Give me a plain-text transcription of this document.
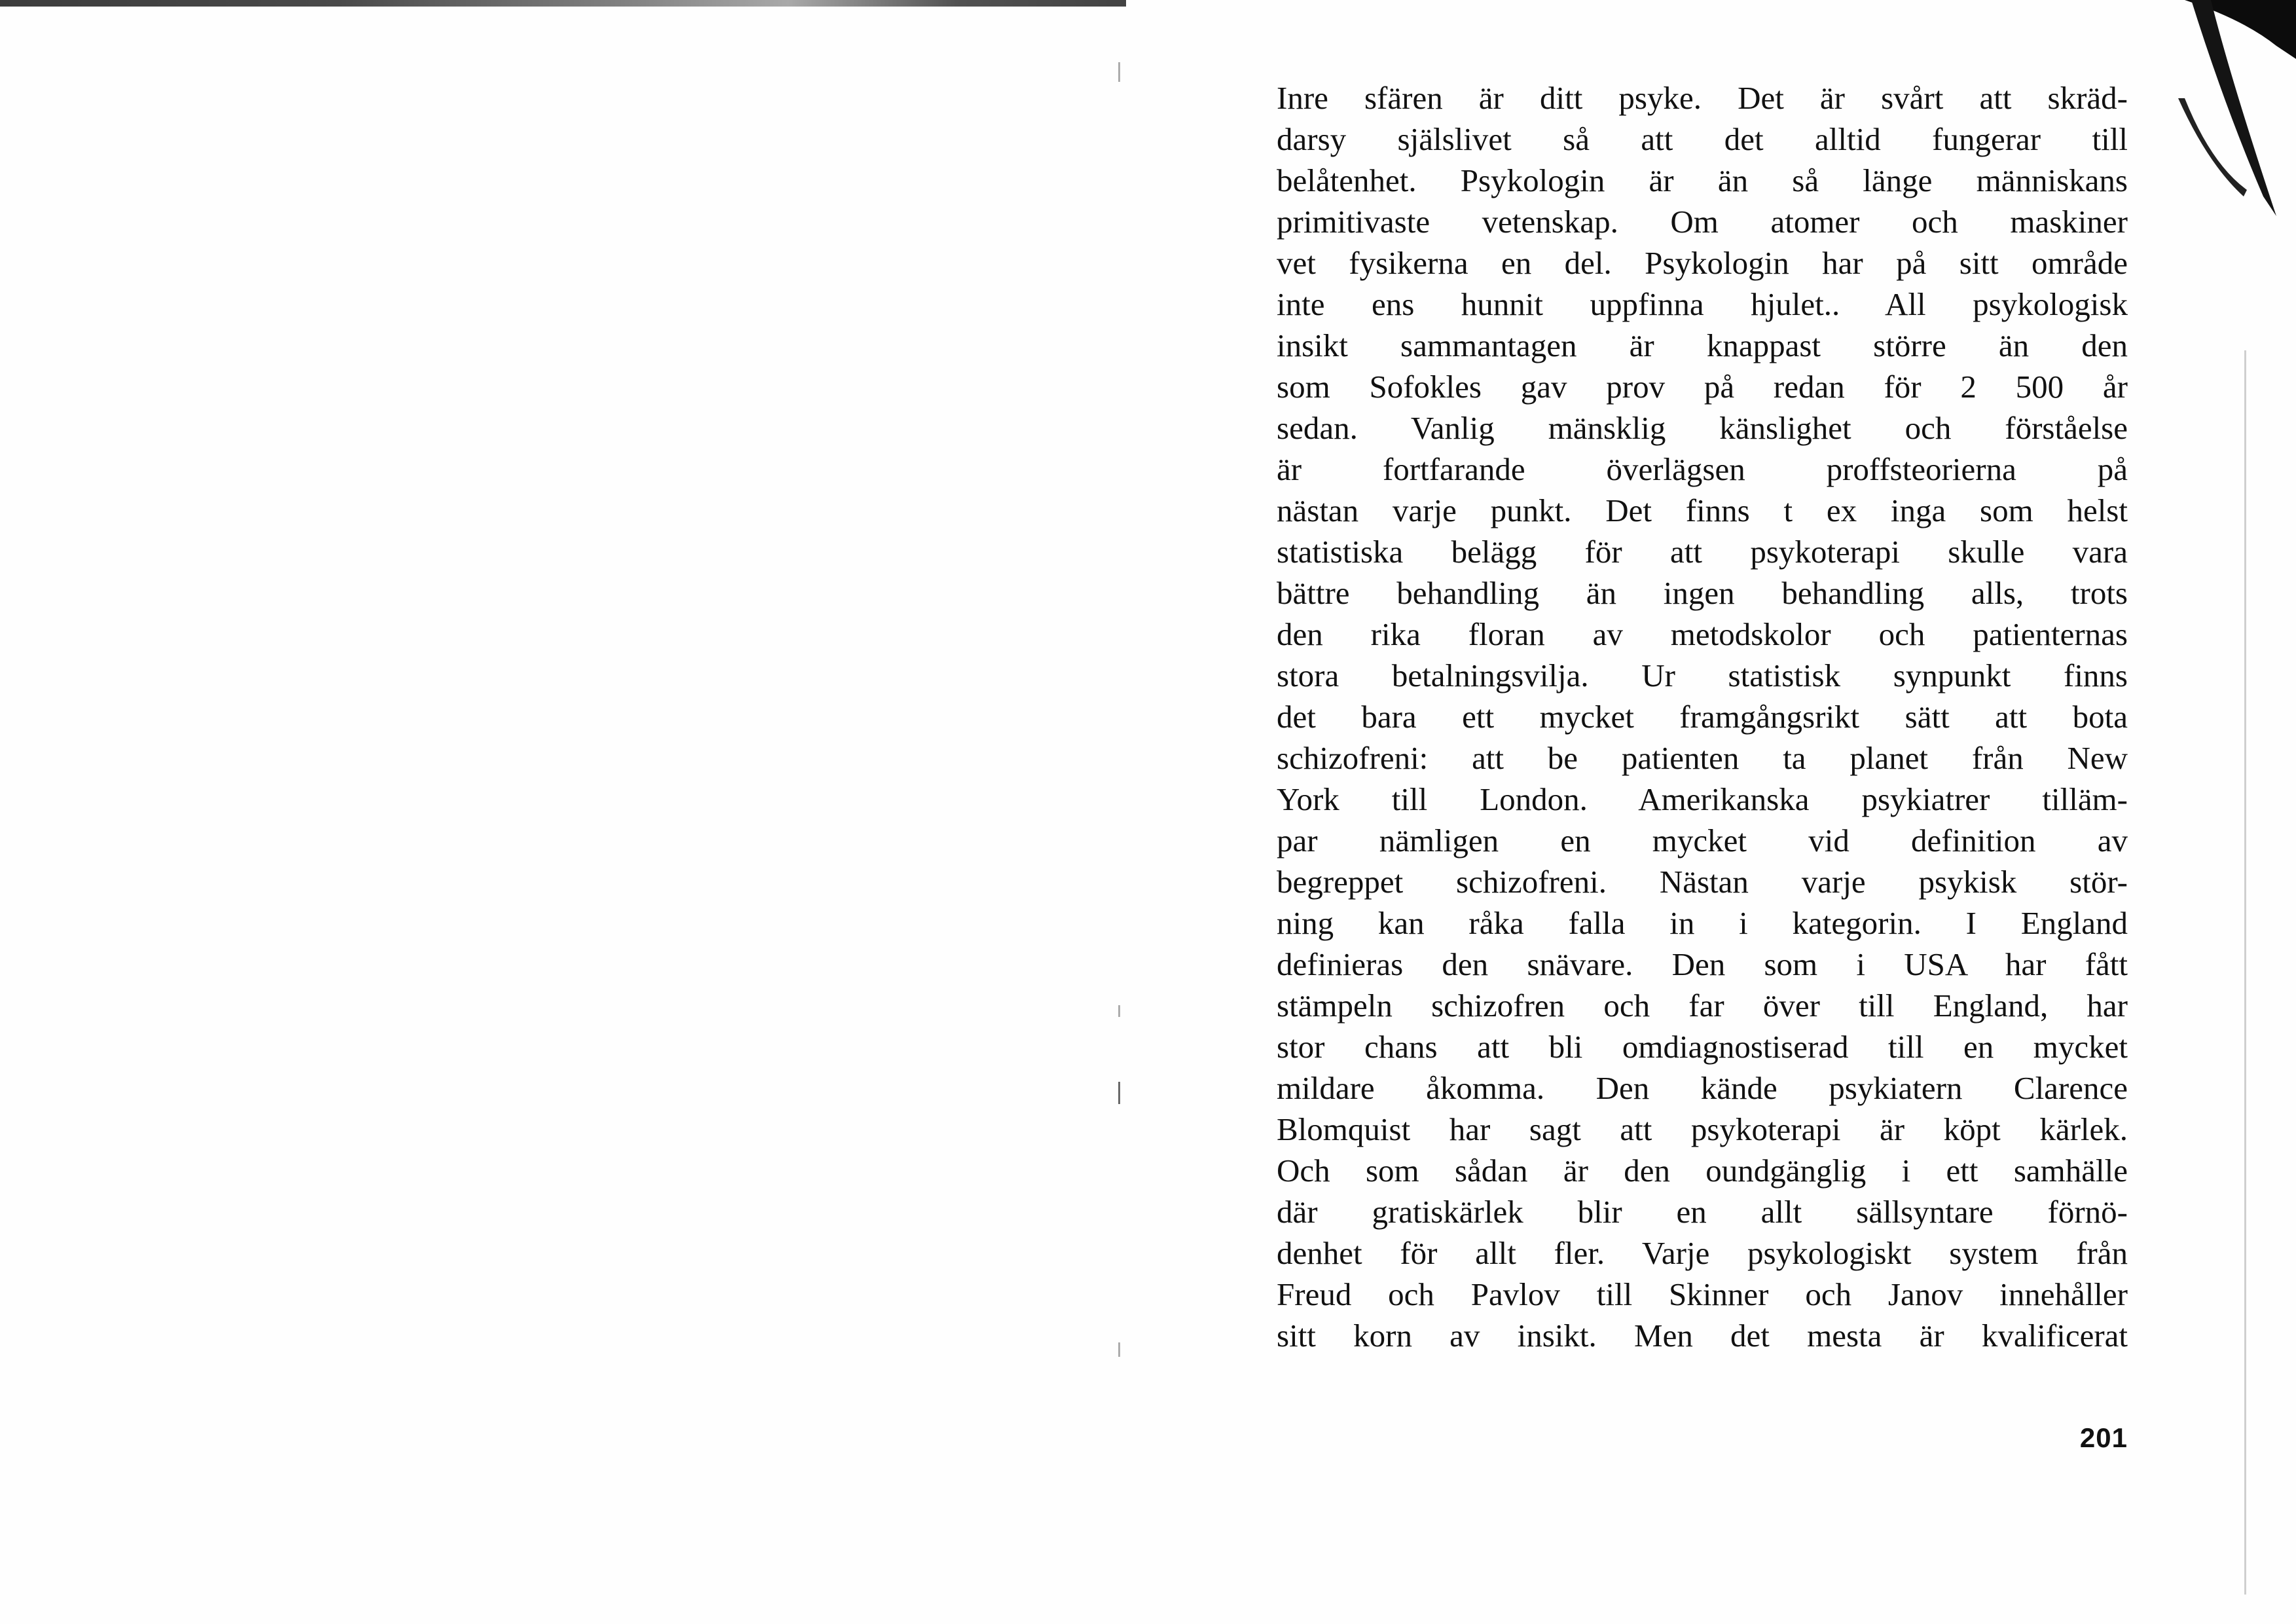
Inre sfären är ditt psyke. Det är svårt att skräd-
darsy själslivet så att det alltid fungerar till
belåtenhet. Psykologin är än så länge människans
primitivaste vetenskap. Om atomer och maskiner
vet fysikerna en del. Psykologin har på sitt område
inte ens hunnit uppfinna hjulet.. All psykologisk
insikt sammantagen är knappast större än den
som Sofokles gav prov på redan för 2 500 år
sedan. Vanlig mänsklig känslighet och förståelse
är fortfarande överlägsen proffsteorierna på
nästan varje punkt. Det finns t ex inga som helst
statistiska belägg för att psykoterapi skulle vara
bättre behandling än ingen behandling alls, trots
den rika floran av metodskolor och patienternas
stora betalningsvilja. Ur statistisk synpunkt finns
det bara ett mycket framgångsrikt sätt att bota
schizofreni: att be patienten ta planet från New
York till London. Amerikanska psykiatrer tilläm-
par nämligen en mycket vid definition av
begreppet schizofreni. Nästan varje psykisk stör-
ning kan råka falla in i kategorin. I England
definieras den snävare. Den som i USA har fått
stämpeln schizofren och far över till England, har
stor chans att bli omdiagnostiserad till en mycket
mildare åkomma. Den kände psykiatern Clarence
Blomquist har sagt att psykoterapi är köpt kärlek.
Och som sådan är den oundgänglig i ett samhälle
där gratiskärlek blir en allt sällsyntare förnö-
denhet för allt fler. Varje psykologiskt system från
Freud och Pavlov till Skinner och Janov innehåller
sitt korn av insikt. Men det mesta är kvalificerat
201
